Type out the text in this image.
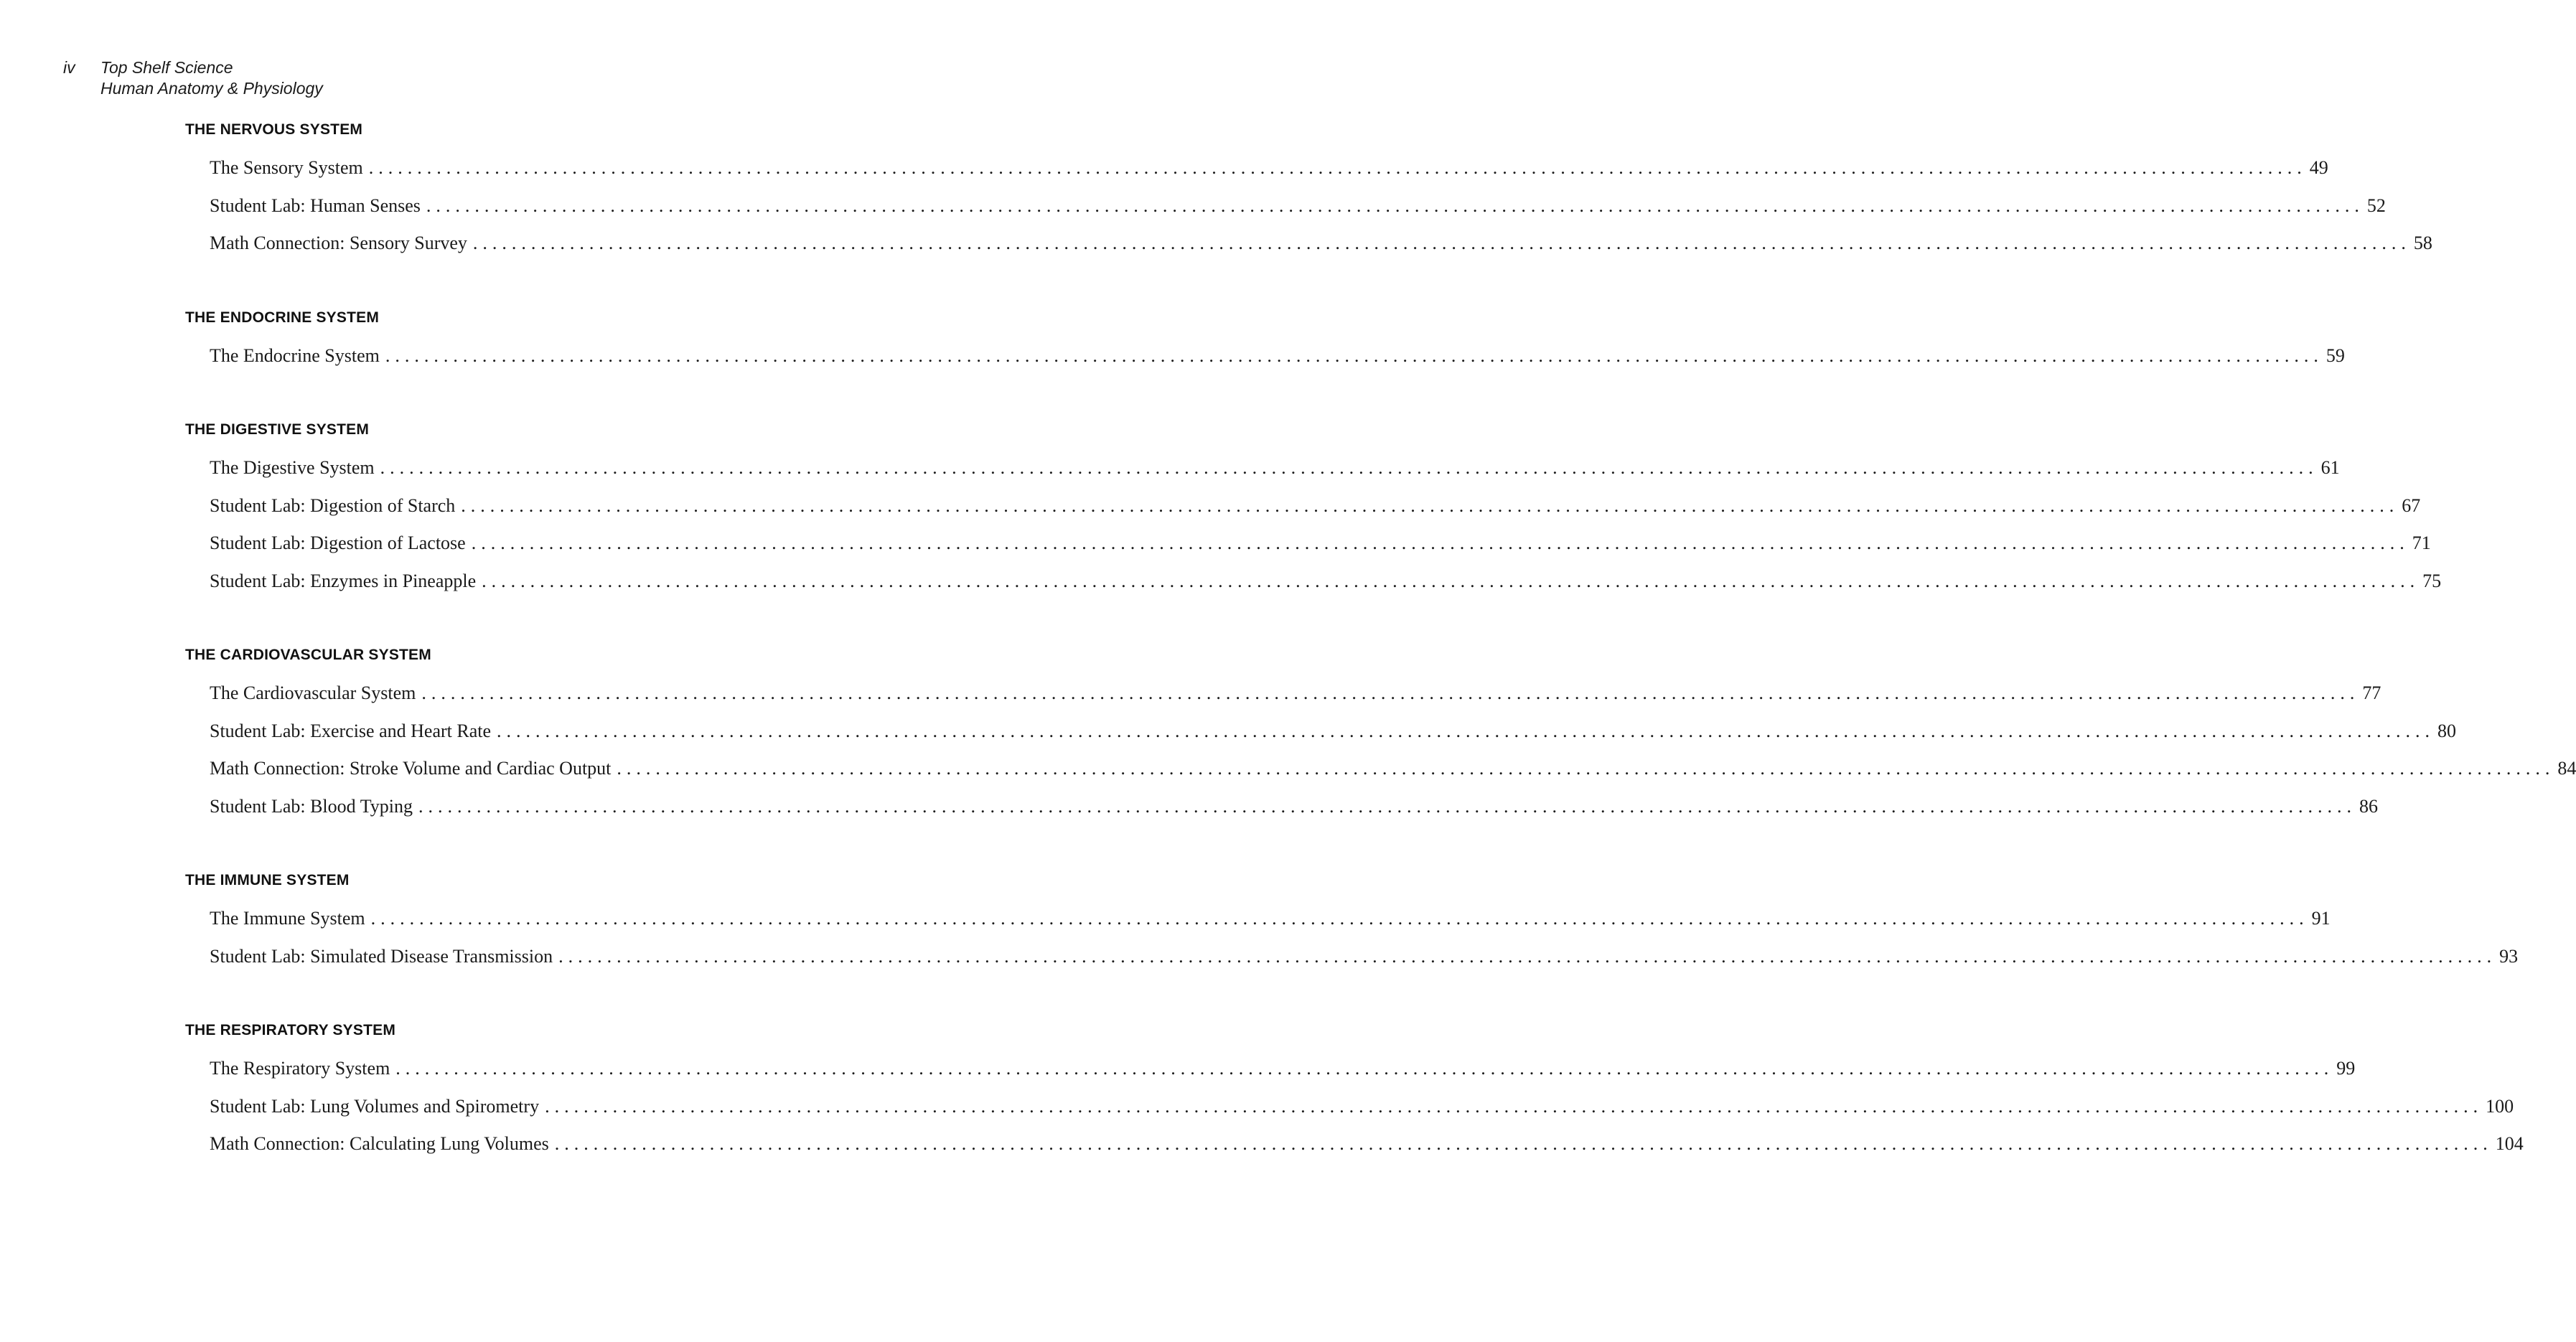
iv	Top Shelf Science
Human Anatomy & Physiology
THE NERVOUS SYSTEM
The Sensory System ........................................................................................................................................................................................................ 49
Student Lab: Human Senses ........................................................................................................................................................................................................ 52
Math Connection: Sensory Survey ........................................................................................................................................................................................................ 58
THE ENDOCRINE SYSTEM
The Endocrine System ........................................................................................................................................................................................................ 59
THE DIGESTIVE SYSTEM
The Digestive System ........................................................................................................................................................................................................ 61
Student Lab: Digestion of Starch ........................................................................................................................................................................................................ 67
Student Lab: Digestion of Lactose ........................................................................................................................................................................................................ 71
Student Lab: Enzymes in Pineapple ........................................................................................................................................................................................................ 75
THE CARDIOVASCULAR SYSTEM
The Cardiovascular System ........................................................................................................................................................................................................ 77
Student Lab: Exercise and Heart Rate ........................................................................................................................................................................................................ 80
Math Connection: Stroke Volume and Cardiac Output ........................................................................................................................................................................................................ 84
Student Lab: Blood Typing ........................................................................................................................................................................................................ 86
THE IMMUNE SYSTEM
The Immune System ........................................................................................................................................................................................................ 91
Student Lab: Simulated Disease Transmission ........................................................................................................................................................................................................ 93
THE RESPIRATORY SYSTEM
The Respiratory System ........................................................................................................................................................................................................ 99
Student Lab: Lung Volumes and Spirometry ........................................................................................................................................................................................................ 100
Math Connection: Calculating Lung Volumes ........................................................................................................................................................................................................ 104
